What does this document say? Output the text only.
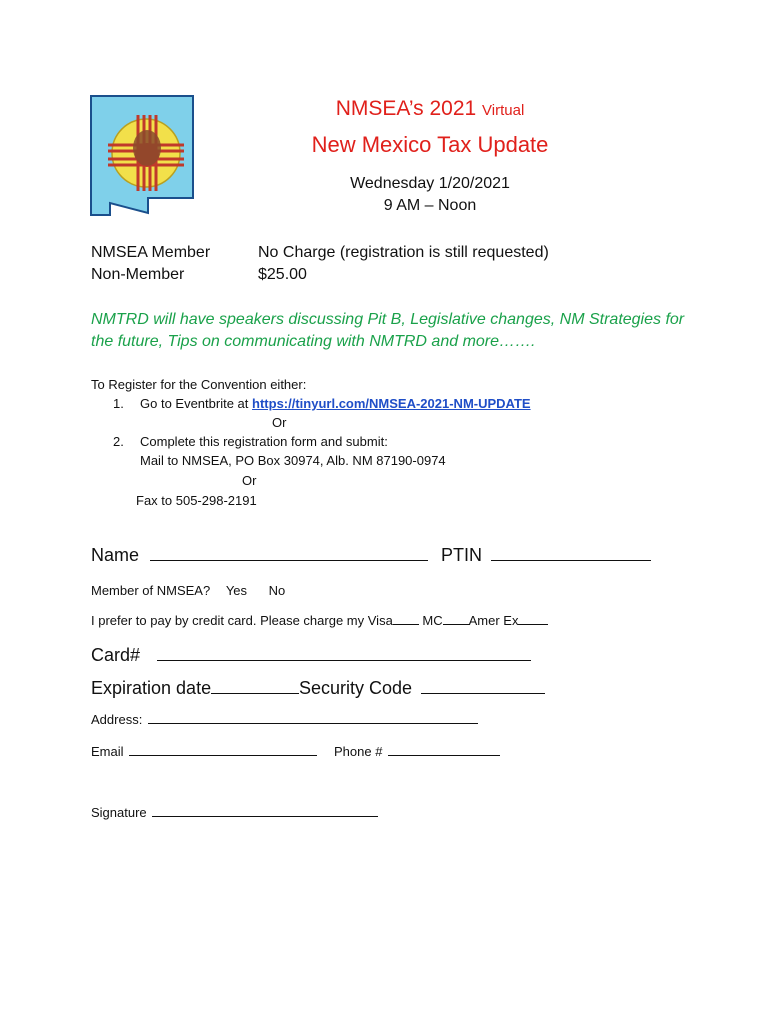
NMSEA’s 2021 Virtual
New Mexico Tax Update
Wednesday 1/20/2021
9 AM – Noon
NMSEA Member	No Charge (registration is still requested)
Non-Member	$25.00
NMTRD will have speakers discussing Pit B, Legislative changes, NM Strategies for
the future, Tips on communicating with NMTRD and more…….
To Register for the Convention either:
1. Go to Eventbrite at https://tinyurl.com/NMSEA-2021-NM-UPDATE
Or
2. Complete this registration form and submit:
Mail to NMSEA, PO Box 30974, Alb. NM 87190-0974
Or
Fax to 505-298-2191
Name	PTIN
Member of NMSEA? Yes No
I prefer to pay by credit card. Please charge my Visa MC Amer Ex
Card#
Expiration date	Security Code
Address:
Email	Phone #
Signature
